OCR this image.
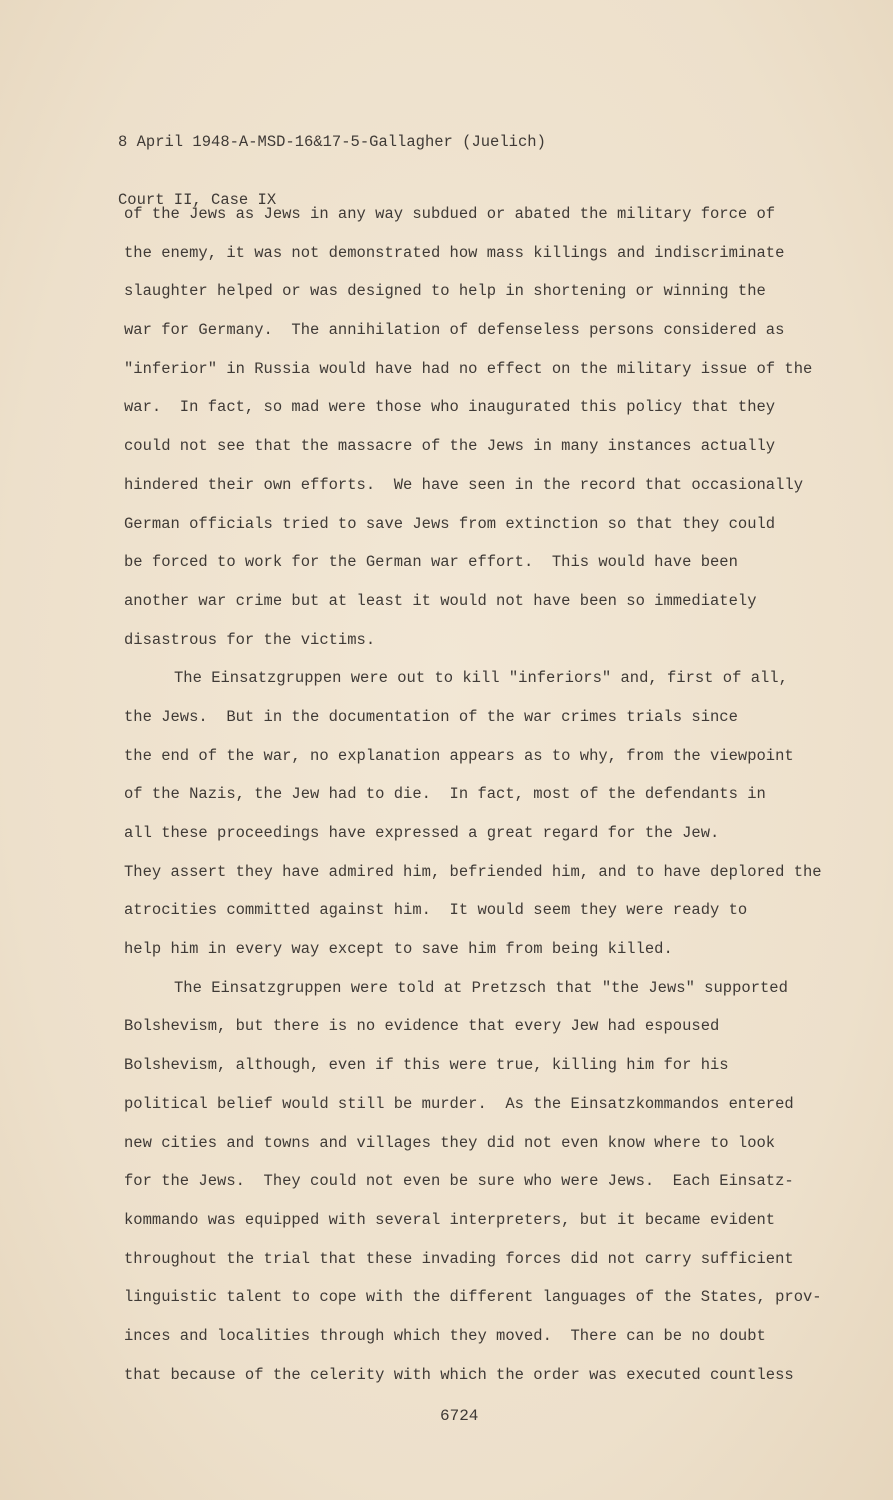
8 April 1948-A-MSD-16&17-5-Gallagher (Juelich)

Court II, Case IX

of the Jews as Jews in any way subdued or abated the military force of
the enemy, it was not demonstrated how mass killings and indiscriminate
slaughter helped or was designed to help in shortening or winning the
war for Germany.  The annihilation of defenseless persons considered as
"inferior" in Russia would have had no effect on the military issue of the
war.  In fact, so mad were those who inaugurated this policy that they
could not see that the massacre of the Jews in many instances actually
hindered their own efforts.  We have seen in the record that occasionally
German officials tried to save Jews from extinction so that they could
be forced to work for the German war effort.  This would have been
another war crime but at least it would not have been so immediately
disastrous for the victims.
The Einsatzgruppen were out to kill "inferiors" and, first of all,
the Jews.  But in the documentation of the war crimes trials since
the end of the war, no explanation appears as to why, from the viewpoint
of the Nazis, the Jew had to die.  In fact, most of the defendants in
all these proceedings have expressed a great regard for the Jew.
They assert they have admired him, befriended him, and to have deplored the
atrocities committed against him.  It would seem they were ready to
help him in every way except to save him from being killed.
The Einsatzgruppen were told at Pretzsch that "the Jews" supported
Bolshevism, but there is no evidence that every Jew had espoused
Bolshevism, although, even if this were true, killing him for his
political belief would still be murder.  As the Einsatzkommandos entered
new cities and towns and villages they did not even know where to look
for the Jews.  They could not even be sure who were Jews.  Each Einsatz-
kommando was equipped with several interpreters, but it became evident
throughout the trial that these invading forces did not carry sufficient
linguistic talent to cope with the different languages of the States, prov-
inces and localities through which they moved.  There can be no doubt
that because of the celerity with which the order was executed countless
6724
